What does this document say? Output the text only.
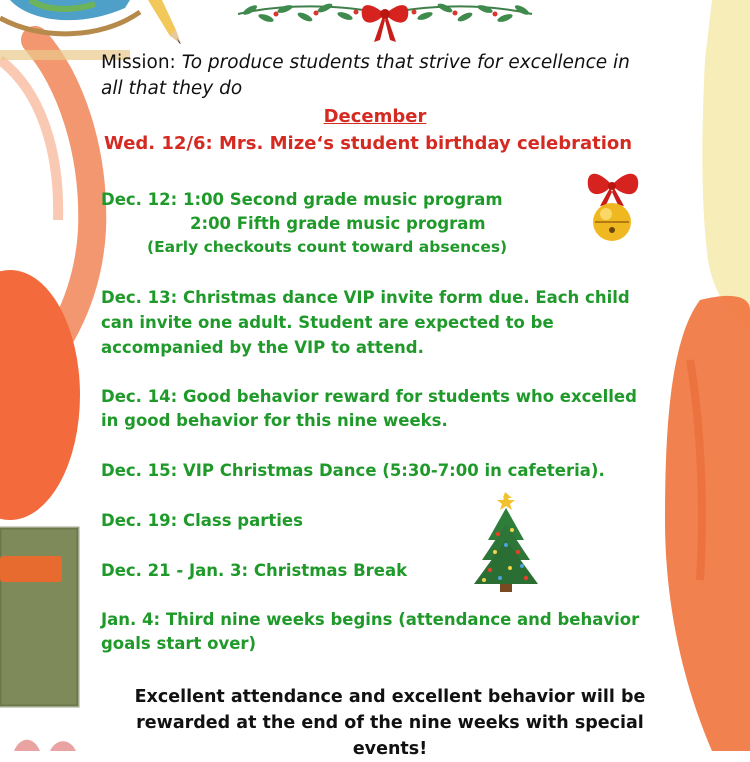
Mission: To produce students that strive for excellence in
all that they do
December
Wed. 12/6: Mrs. Mize‘s student birthday celebration
Dec. 12: 1:00 Second grade music program
2:00 Fifth grade music program
(Early checkouts count toward absences)
Dec. 13: Christmas dance VIP invite form due. Each child
can invite one adult. Student are expected to be
accompanied by the VIP to attend.
Dec. 14: Good behavior reward for students who excelled
in good behavior for this nine weeks.
Dec. 15: VIP Christmas Dance (5:30-7:00 in cafeteria).
Dec. 19: Class parties
Dec. 21 - Jan. 3: Christmas Break
Jan. 4: Third nine weeks begins (attendance and behavior
goals start over)
Excellent attendance and excellent behavior will be
rewarded at the end of the nine weeks with special
events!
